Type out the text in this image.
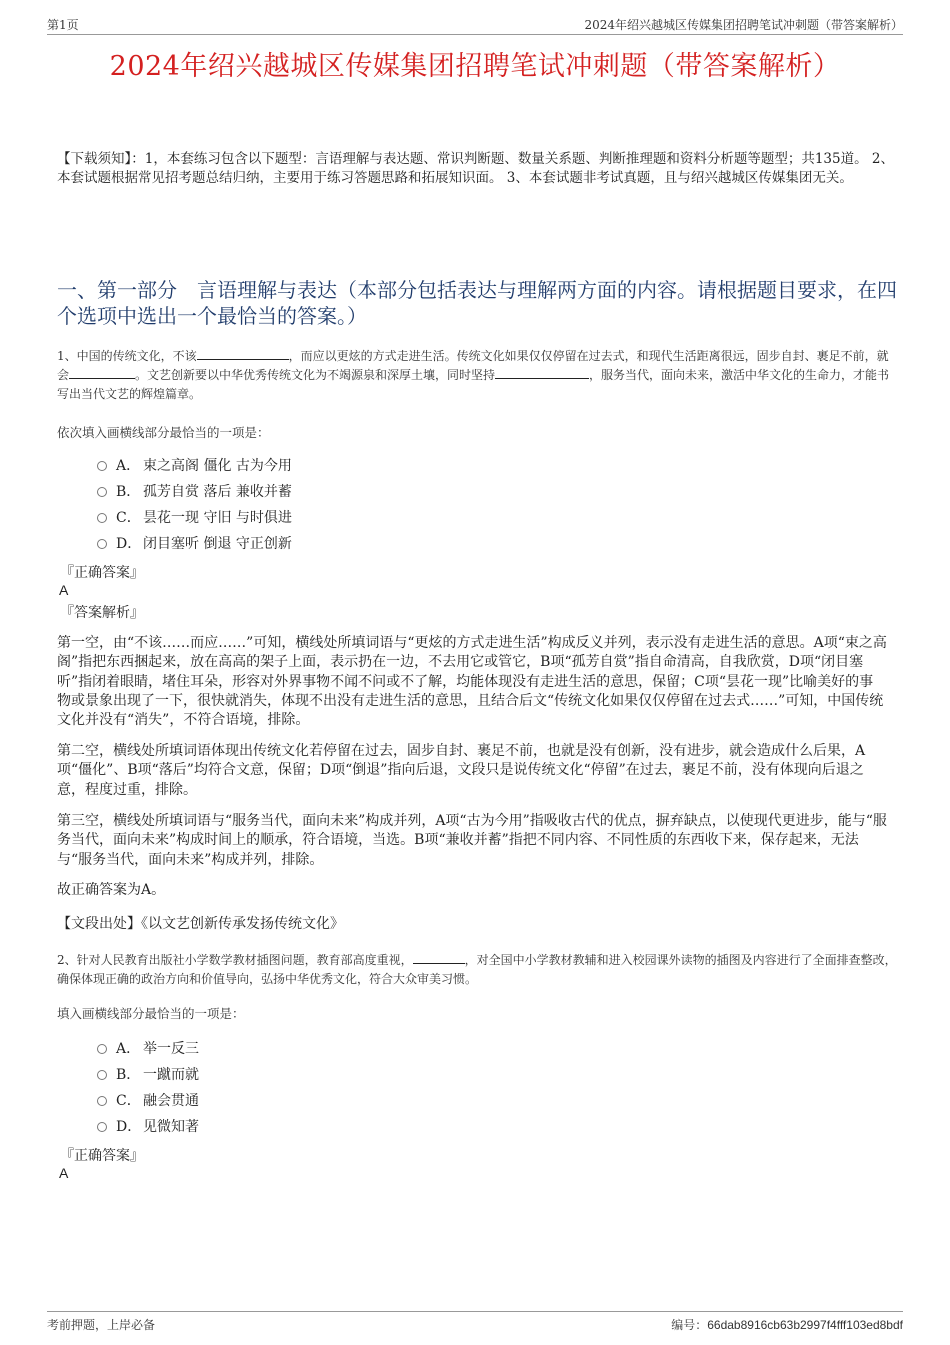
第1页	2024年绍兴越城区传媒集团招聘笔试冲刺题（带答案解析）
2024年绍兴越城区传媒集团招聘笔试冲刺题（带答案解析）
【下载须知】：1，本套练习包含以下题型：言语理解与表达题、常识判断题、数量关系题、判断推理题和资料分析题等题型；共135道。 2、本套试题根据常见招考题总结归纳，主要用于练习答题思路和拓展知识面。 3、本套试题非考试真题，且与绍兴越城区传媒集团无关。
一、第一部分　言语理解与表达（本部分包括表达与理解两方面的内容。请根据题目要求，在四个选项中选出一个最恰当的答案。）
1、中国的传统文化，不该	，而应以更炫的方式走进生活。传统文化如果仅仅停留在过去式，和现代生活距离很远，固步自封、裹足不前，就会	。文艺创新要以中华优秀传统文化为不竭源泉和深厚土壤，同时坚持	，服务当代，面向未来，激活中华文化的生命力，才能书写出当代文艺的辉煌篇章。
依次填入画横线部分最恰当的一项是：
A． 束之高阁 僵化 古为今用
B． 孤芳自赏 落后 兼收并蓄
C． 昙花一现 守旧 与时俱进
D． 闭目塞听 倒退 守正创新
『正确答案』
A
『答案解析』
第一空，由“不该……而应……”可知，横线处所填词语与“更炫的方式走进生活”构成反义并列，表示没有走进生活的意思。A项“束之高阁”指把东西捆起来，放在高高的架子上面，表示扔在一边，不去用它或管它，B项“孤芳自赏”指自命清高，自我欣赏，D项“闭目塞听”指闭着眼睛，堵住耳朵，形容对外界事物不闻不问或不了解，均能体现没有走进生活的意思，保留；C项“昙花一现”比喻美好的事物或景象出现了一下，很快就消失，体现不出没有走进生活的意思，且结合后文“传统文化如果仅仅停留在过去式……”可知，中国传统文化并没有“消失”，不符合语境，排除。
第二空，横线处所填词语体现出传统文化若停留在过去，固步自封、裹足不前，也就是没有创新，没有进步，就会造成什么后果，A项“僵化”、B项“落后”均符合文意，保留；D项“倒退”指向后退，文段只是说传统文化“停留”在过去，裹足不前，没有体现向后退之意，程度过重，排除。
第三空，横线处所填词语与“服务当代，面向未来”构成并列，A项“古为今用”指吸收古代的优点，摒弃缺点，以使现代更进步，能与“服务当代，面向未来”构成时间上的顺承，符合语境，当选。B项“兼收并蓄”指把不同内容、不同性质的东西收下来，保存起来，无法与“服务当代，面向未来”构成并列，排除。
故正确答案为A。
【文段出处】《以文艺创新传承发扬传统文化》
2、针对人民教育出版社小学数学教材插图问题，教育部高度重视，	，对全国中小学教材教辅和进入校园课外读物的插图及内容进行了全面排查整改，确保体现正确的政治方向和价值导向，弘扬中华优秀文化，符合大众审美习惯。
填入画横线部分最恰当的一项是：
A． 举一反三
B． 一蹴而就
C． 融会贯通
D． 见微知著
『正确答案』
A
考前押题，上岸必备	编号：66dab8916cb63b2997f4fff103ed8bdf
